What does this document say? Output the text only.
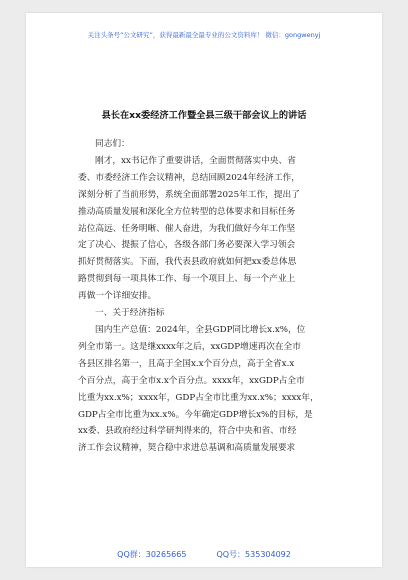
关注头条号“公文研究”，获得最新最全最专业的公文资料库！ 微信：gongwenyj
县长在xx委经济工作暨全县三级干部会议上的讲话
同志们：
刚才，xx书记作了重要讲话，全面贯彻落实中央、省
委、市委经济工作会议精神，总结回顾2024年经济工作，
深刻分析了当前形势，系统全面部署2025年工作，提出了
推动高质量发展和深化全方位转型的总体要求和目标任务
站位高远、任务明晰、催人奋进，为我们做好今年工作坚
定了决心、提振了信心，各级各部门务必要深入学习领会
抓好贯彻落实。下面，我代表县政府就如何把xx委总体思
路贯彻到每一项具体工作、每一个项目上、每一个产业上
再做一个详细安排。
一、关于经济指标
国内生产总值：2024年，全县GDP同比增长x.x%，位
列全市第一。这是继xxxx年之后，xxGDP增速再次在全市
各县区排名第一，且高于全国x.x个百分点，高于全省x.x
个百分点，高于全市x.x个百分点。xxxx年，xxGDP占全市
比重为xx.x%；xxxx年，GDP占全市比重为xx.x%；xxxx年，
GDP占全市比重为xx.x%。今年确定GDP增长x%的目标，是
xx委、县政府经过科学研判得来的，符合中央和省、市经
济工作会议精神，契合稳中求进总基调和高质量发展要求
QQ群：30265665	QQ号：535304092
